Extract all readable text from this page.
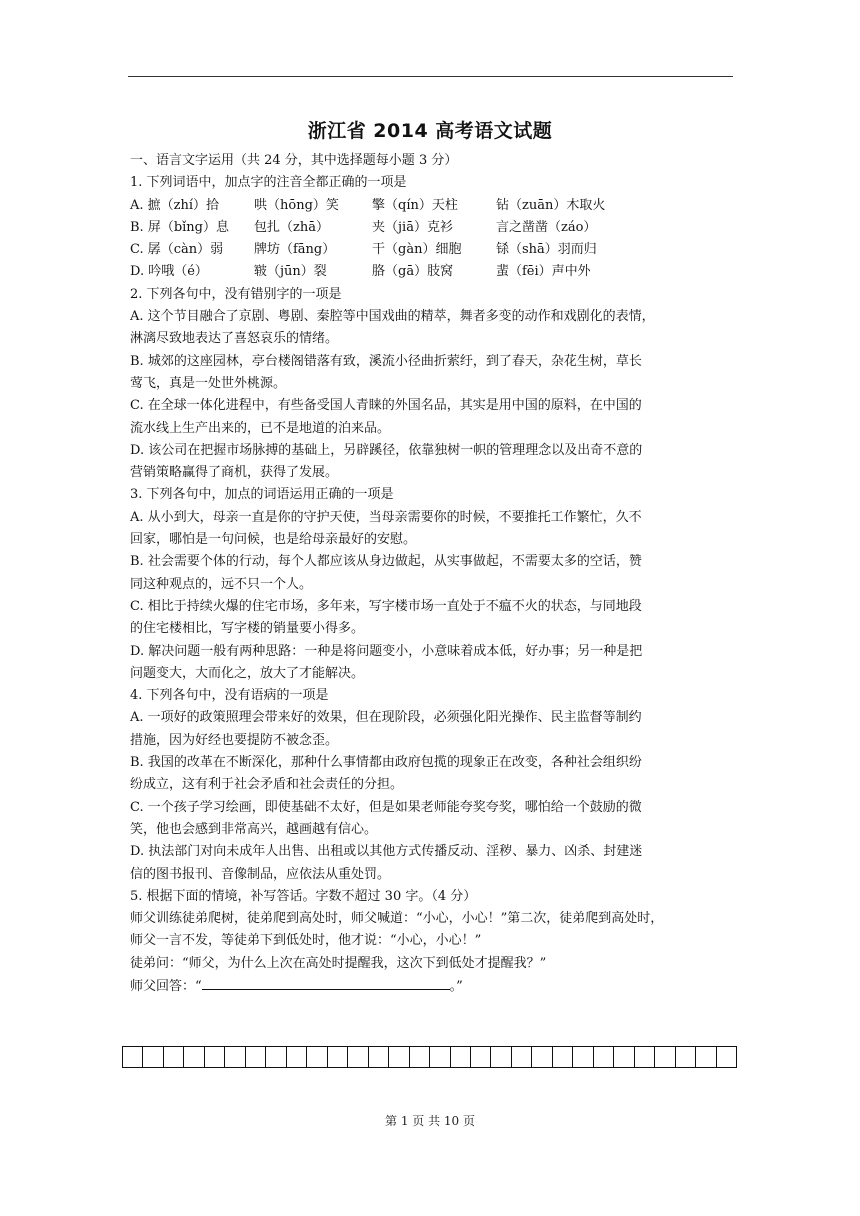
浙江省 2014 高考语文试题
一、语言文字运用（共 24 分，其中选择题每小题 3 分）
1. 下列词语中，加点字的注音全都正确的一项是
A. 摭（zhí）拾	哄（hōng）笑	擎（qín）天柱	钻（zuān）木取火
B. 屏（bǐng）息	包扎（zhā）	夹（jiā）克衫	言之凿凿（záo）
C. 孱（càn）弱	牌坊（fāng）	干（gàn）细胞	铩（shā）羽而归
D. 吟哦（é）	皲（jūn）裂	胳（gā）肢窝	蜚（fēi）声中外
2. 下列各句中，没有错别字的一项是
A. 这个节目融合了京剧、粤剧、秦腔等中国戏曲的精萃，舞者多变的动作和戏剧化的表情，
淋漓尽致地表达了喜怒哀乐的情绪。
B. 城郊的这座园林，亭台楼阁错落有致，溪流小径曲折萦纡，到了春天，杂花生树，草长
莺飞，真是一处世外桃源。
C. 在全球一体化进程中，有些备受国人青睐的外国名品，其实是用中国的原料，在中国的
流水线上生产出来的，已不是地道的泊来品。
D. 该公司在把握市场脉搏的基础上，另辟蹊径，依靠独树一帜的管理理念以及出奇不意的
营销策略赢得了商机，获得了发展。
3. 下列各句中，加点的词语运用正确的一项是
A. 从小到大，母亲一直是你的守护天使，当母亲需要你的时候，不要推托工作繁忙，久不
回家，哪怕是一句问候，也是给母亲最好的安慰。
B. 社会需要个体的行动，每个人都应该从身边做起，从实事做起，不需要太多的空话，赞
同这种观点的，远不只一个人。
C. 相比于持续火爆的住宅市场，多年来，写字楼市场一直处于不瘟不火的状态，与同地段
的住宅楼相比，写字楼的销量要小得多。
D. 解决问题一般有两种思路：一种是将问题变小，小意味着成本低，好办事；另一种是把
问题变大，大而化之，放大了才能解决。
4. 下列各句中，没有语病的一项是
A. 一项好的政策照理会带来好的效果，但在现阶段，必须强化阳光操作、民主监督等制约
措施，因为好经也要提防不被念歪。
B. 我国的改革在不断深化，那种什么事情都由政府包揽的现象正在改变，各种社会组织纷
纷成立，这有利于社会矛盾和社会责任的分担。
C. 一个孩子学习绘画，即使基础不太好，但是如果老师能夸奖夸奖，哪怕给一个鼓励的微
笑，他也会感到非常高兴，越画越有信心。
D. 执法部门对向未成年人出售、出租或以其他方式传播反动、淫秽、暴力、凶杀、封建迷
信的图书报刊、音像制品，应依法从重处罚。
5. 根据下面的情境，补写答话。字数不超过 30 字。（4 分）
师父训练徒弟爬树，徒弟爬到高处时，师父喊道：“小心，小心！”第二次，徒弟爬到高处时，
师父一言不发，等徒弟下到低处时，他才说：“小心，小心！”
徒弟问：“师父，为什么上次在高处时提醒我，这次下到低处才提醒我？”
师父回答：“	。”
第 1 页 共 10 页
